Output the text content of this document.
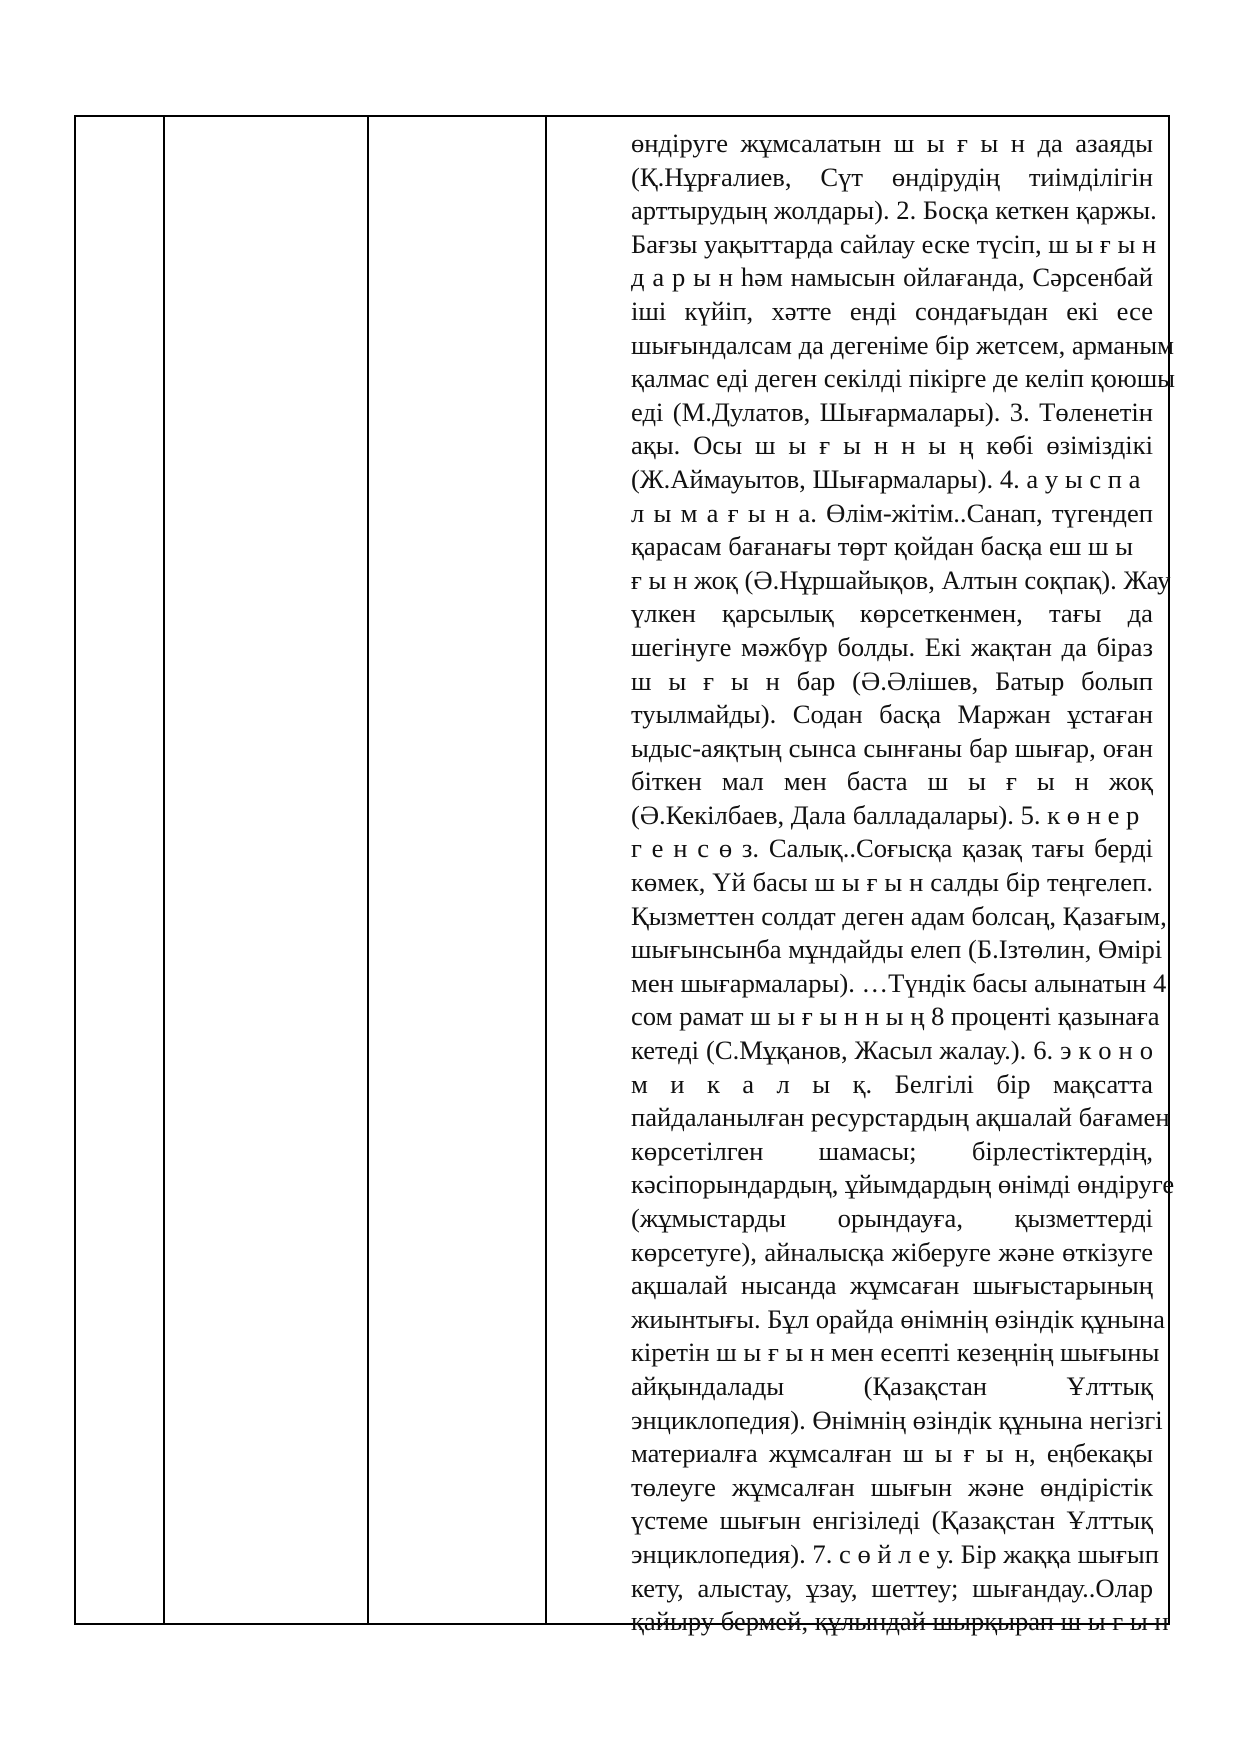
өндіруге жұмсалатын ш ы ғ ы н да азаяды
(Қ.Нұрғалиев, Сүт өндірудің тиімділігін
арттырудың жолдары). 2. Босқа кеткен қаржы.
Бағзы уақыттарда сайлау еске түсіп, ш ы ғ ы н
д а р ы н һәм намысын ойлағанда, Сәрсенбай
іші күйіп, хәтте енді сондағыдан екі есе
шығындалсам да дегеніме бір жетсем, арманым
қалмас еді деген секілді пікірге де келіп қоюшы
еді (М.Дулатов, Шығармалары). 3. Төленетін
ақы. Осы ш ы ғ ы н н ы ң көбі өзіміздікі
(Ж.Аймауытов, Шығармалары). 4. а у ы с п а
л ы м а ғ ы н а. Өлім-жітім..Санап, түгендеп
қарасам бағанағы төрт қойдан басқа еш ш ы
ғ ы н жоқ (Ә.Нұршайықов, Алтын соқпақ). Жау
үлкен қарсылық көрсеткенмен, тағы да
шегінуге мәжбүр болды. Екі жақтан да біраз
ш ы ғ ы н бар (Ә.Әлішев, Батыр болып
туылмайды). Содан басқа Маржан ұстаған
ыдыс-аяқтың сынса сынғаны бар шығар, оған
біткен мал мен баста ш ы ғ ы н жоқ
(Ә.Кекілбаев, Дала балладалары). 5. к ө н е р
г е н с ө з. Салық..Соғысқа қазақ тағы берді
көмек, Үй басы ш ы ғ ы н салды бір теңгелеп.
Қызметтен солдат деген адам болсаң, Қазағым,
шығынсынба мұндайды елеп (Б.Ізтөлин, Өмірі
мен шығармалары). …Түндік басы алынатын 4
сом рамат ш ы ғ ы н н ы ң 8 проценті қазынаға
кетеді (С.Мұқанов, Жасыл жалау.). 6. э к о н о
м и к а л ы қ. Белгілі бір мақсатта
пайдаланылған ресурстардың ақшалай бағамен
көрсетілген шамасы; бірлестіктердің,
кәсіпорындардың, ұйымдардың өнімді өндіруге
(жұмыстарды орындауға, қызметтерді
көрсетуге), айналысқа жіберуге және өткізуге
ақшалай нысанда жұмсаған шығыстарының
жиынтығы. Бұл орайда өнімнің өзіндік құнына
кіретін ш ы ғ ы н мен есепті кезеңнің шығыны
айқындалады (Қазақстан Ұлттық
энциклопедия). Өнімнің өзіндік құнына негізгі
материалға жұмсалған ш ы ғ ы н, еңбекақы
төлеуге жұмсалған шығын және өндірістік
үстеме шығын енгізіледі (Қазақстан Ұлттық
энциклопедия). 7. с ө й л е у. Бір жаққа шығып
кету, алыстау, ұзау, шеттеу; шығандау..Олар
қайыру бермей, құлындай шырқырап ш ы ғ ы н
